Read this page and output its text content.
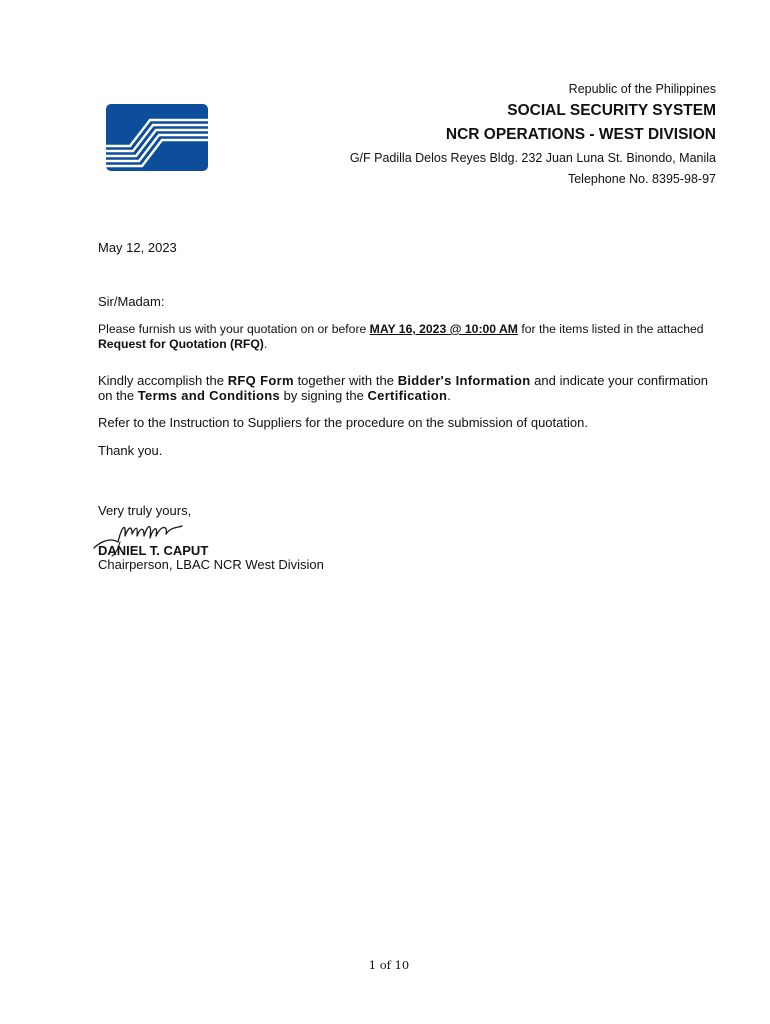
Republic of the Philippines
SOCIAL SECURITY SYSTEM
NCR OPERATIONS - WEST DIVISION
G/F Padilla Delos Reyes Bldg. 232 Juan Luna St. Binondo, Manila
Telephone No. 8395-98-97
May 12, 2023
Sir/Madam:
Please furnish us with your quotation on or before MAY 16, 2023 @ 10:00 AM for the items listed in the attached Request for Quotation (RFQ).
Kindly accomplish the RFQ Form together with the Bidder's Information and indicate your confirmation on the Terms and Conditions by signing the Certification.
Refer to the Instruction to Suppliers for the procedure on the submission of quotation.
Thank you.
Very truly yours,
DANIEL T. CAPUT
Chairperson, LBAC NCR West Division
1 of 10
